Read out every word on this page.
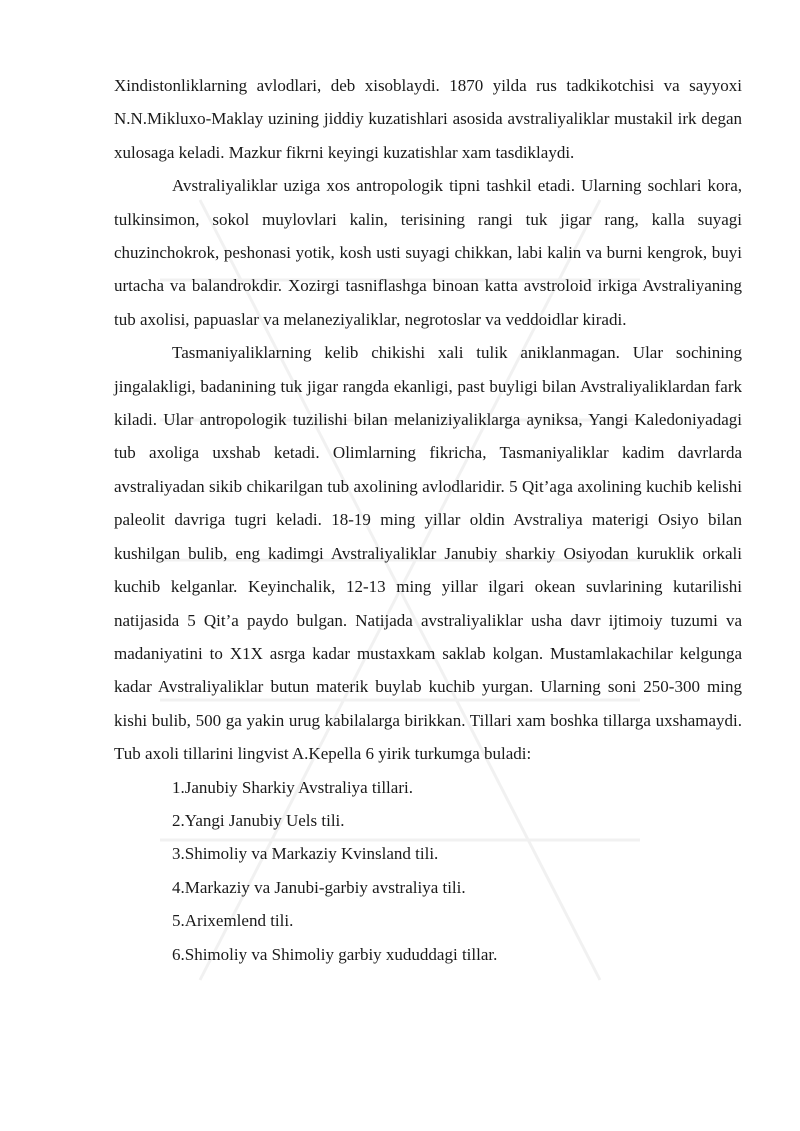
Xindistonliklarning avlodlari, deb xisoblaydi. 1870 yilda rus tadkikotchisi va sayyoxi N.N.Mikluxo-Maklay uzining jiddiy kuzatishlari asosida avstraliyaliklar mustakil irk degan xulosaga keladi. Mazkur fikrni keyingi kuzatishlar xam tasdiklaydi.

Avstraliyaliklar uziga xos antropologik tipni tashkil etadi. Ularning sochlari kora, tulkinsimon, sokol muylovlari kalin, terisining rangi tuk jigar rang, kalla suyagi chuzinchokrok, peshonasi yotik, kosh usti suyagi chikkan, labi kalin va burni kengrok, buyi urtacha va balandrokdir. Xozirgi tasniflashga binoan katta avstroloid irkiga Avstraliyaning tub axolisi, papuaslar va melaneziyaliklar, negrotoslar va veddoidlar kiradi.

Tasmaniyaliklarning kelib chikishi xali tulik aniklanmagan. Ular sochining jingalakligi, badanining tuk jigar rangda ekanligi, past buyligi bilan Avstraliyaliklardan fark kiladi. Ular antropologik tuzilishi bilan melaniziyaliklarga ayniksa, Yangi Kaledoniyadagi tub axoliga uxshab ketadi. Olimlarning fikricha, Tasmaniyaliklar kadim davrlarda avstraliyadan sikib chikarilgan tub axolining avlodlaridir. 5 Qit’aga axolining kuchib kelishi paleolit davriga tugri keladi. 18-19 ming yillar oldin Avstraliya materigi Osiyo bilan kushilgan bulib, eng kadimgi Avstraliyaliklar Janubiy sharkiy Osiyodan kuruklik orkali kuchib kelganlar. Keyinchalik, 12-13 ming yillar ilgari okean suvlarining kutarilishi natijasida 5 Qit’a paydo bulgan. Natijada avstraliyaliklar usha davr ijtimoiy tuzumi va madaniyatini to X1X asrga kadar mustaxkam saklab kolgan. Mustamlakachilar kelgunga kadar Avstraliyaliklar butun materik buylab kuchib yurgan. Ularning soni 250-300 ming kishi bulib, 500 ga yakin urug kabilalarga birikkan. Tillari xam boshka tillarga uxshamaydi. Tub axoli tillarini lingvist A.Kepella 6 yirik turkumga buladi:

1.Janubiy Sharkiy Avstraliya tillari.

2.Yangi Janubiy Uels tili.

3.Shimoliy va Markaziy Kvinsland tili.

4.Markaziy va Janubi-garbiy avstraliya tili.

5.Arixemlend tili.

6.Shimoliy va Shimoliy garbiy xududdagi tillar.
